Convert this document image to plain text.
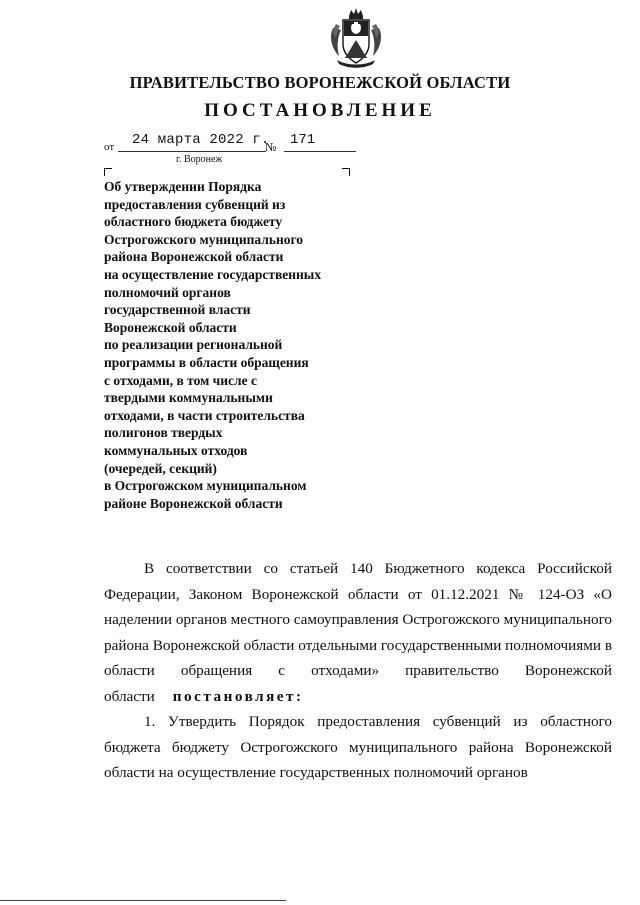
ПРАВИТЕЛЬСТВО ВОРОНЕЖСКОЙ ОБЛАСТИ
ПОСТАНОВЛЕНИЕ
от 24 марта 2022 г.
№ 171
г. Воронеж
Об утверждении Порядка
предоставления субвенций из
областного бюджета бюджету
Острогожского муниципального
района Воронежской области
на осуществление государственных
полномочий органов
государственной власти
Воронежской области
по реализации региональной
программы в области обращения
с отходами, в том числе с
твердыми коммунальными
отходами, в части строительства
полигонов твердых
коммунальных отходов
(очередей, секций)
в Острогожском муниципальном
районе Воронежской области

В соответствии со статьей 140 Бюджетного кодекса Российской Федерации, Законом Воронежской области от 01.12.2021 № 124-ОЗ «О наделении органов местного самоуправления Острогожского муниципального района Воронежской области отдельными государственными полномочиями в области обращения с отходами» правительство Воронежской области постановляет:

1. Утвердить Порядок предоставления субвенций из областного бюджета бюджету Острогожского муниципального района Воронежской области на осуществление государственных полномочий органов
